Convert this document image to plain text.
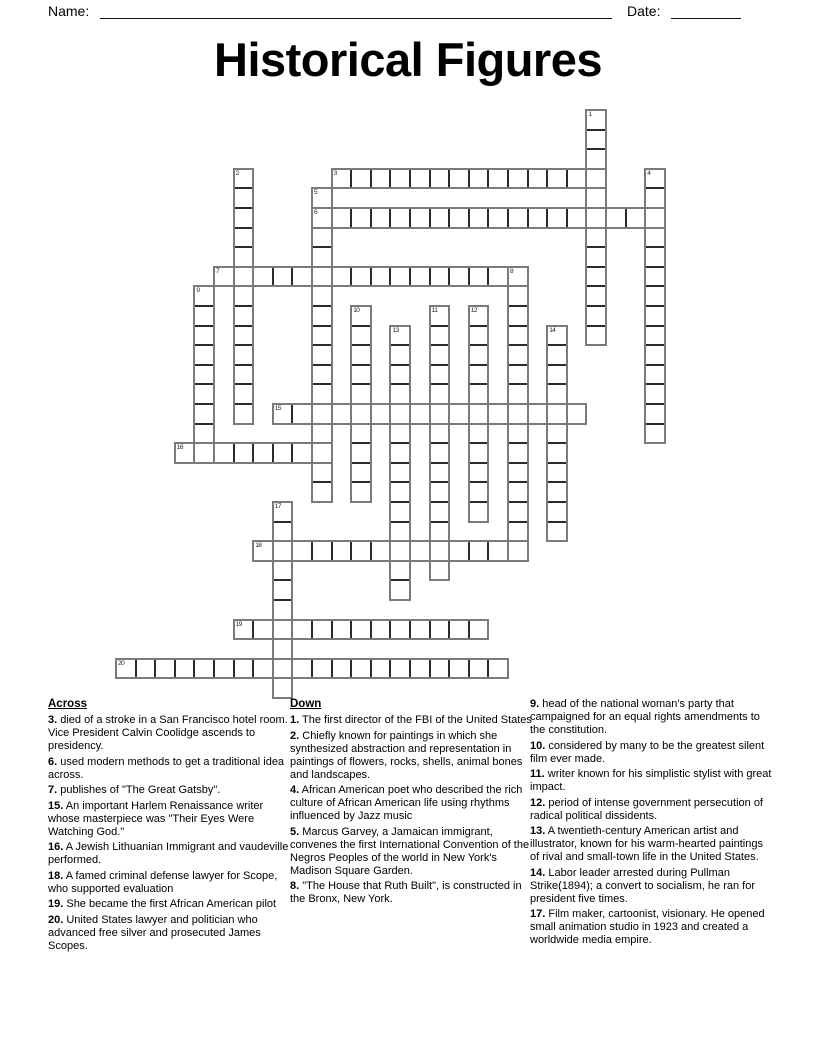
Name:	Date:
Historical Figures
1
2	3	4
5
6
7	8
9
10	11	12
13	14
15
16
17
18
19
20
Across
3. died of a stroke in a San Francisco hotel room. Vice President Calvin Coolidge ascends to presidency.
6. used modern methods to get a traditional idea across.
7. publishes of "The Great Gatsby".
15. An important Harlem Renaissance writer whose masterpiece was "Their Eyes Were Watching God."
16. A Jewish Lithuanian Immigrant and vaudeville performed.
18. A famed criminal defense lawyer for Scope, who supported evaluation
19. She became the first African American pilot
20. United States lawyer and politician who advanced free silver and prosecuted James Scopes.
Down
1. The first director of the FBI of the United States
2. Chiefly known for paintings in which she synthesized abstraction and representation in paintings of flowers, rocks, shells, animal bones and landscapes.
4. African American poet who described the rich culture of African American life using rhythms influenced by Jazz music
5. Marcus Garvey, a Jamaican immigrant, convenes the first International Convention of the Negros Peoples of the world in New York's Madison Square Garden.
8. "The House that Ruth Built", is constructed in the Bronx, New York.
9. head of the national woman's party that campaigned for an equal rights amendments to the constitution.
10. considered by many to be the greatest silent film ever made.
11. writer known for his simplistic stylist with great impact.
12. period of intense government persecution of radical political dissidents.
13. A twentieth-century American artist and illustrator, known for his warm-hearted paintings of rival and small-town life in the United States.
14. Labor leader arrested during Pullman Strike(1894); a convert to socialism, he ran for president five times.
17. Film maker, cartoonist, visionary. He opened small animation studio in 1923 and created a worldwide media empire.
